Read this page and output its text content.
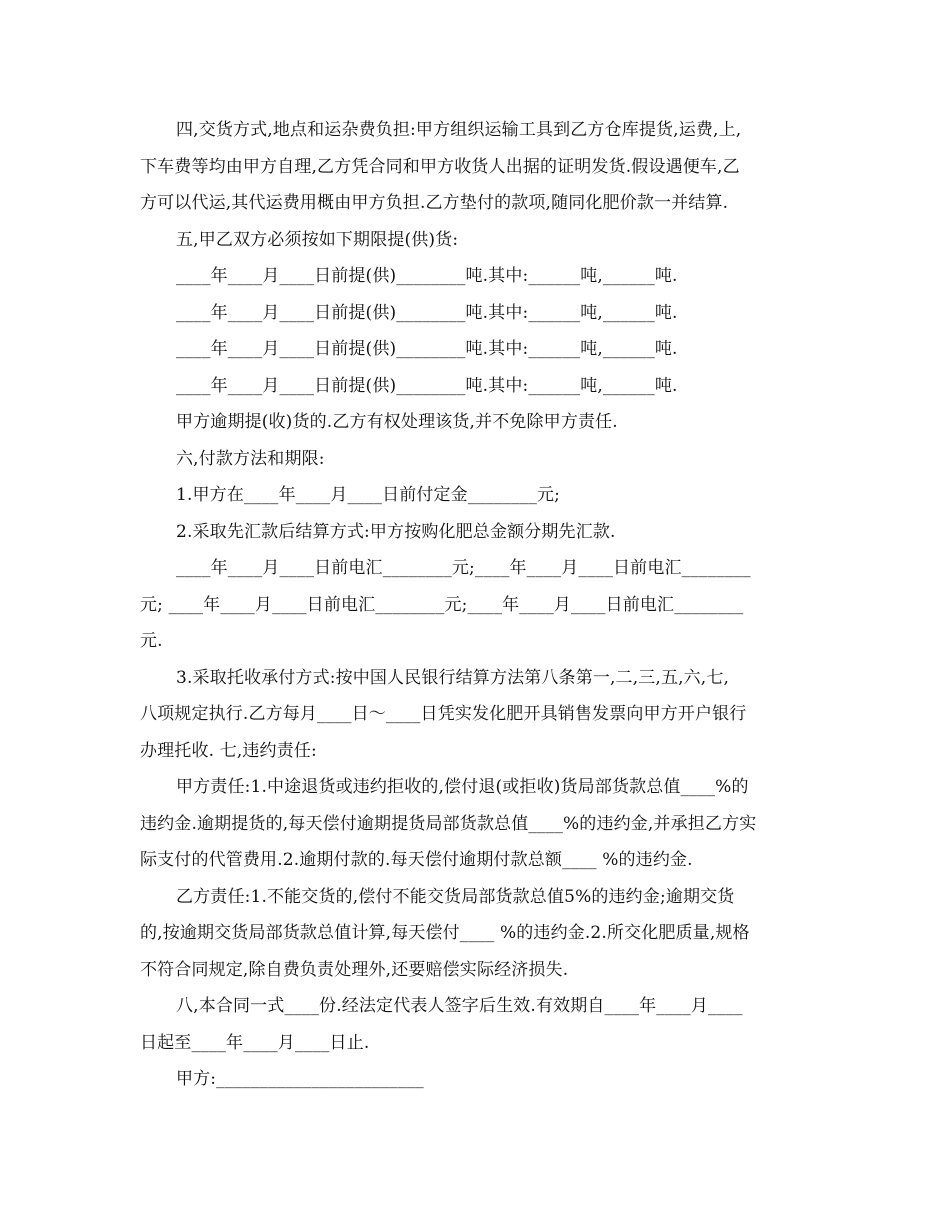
四,交货方式,地点和运杂费负担:甲方组织运输工具到乙方仓库提货,运费,上,
下车费等均由甲方自理,乙方凭合同和甲方收货人出据的证明发货.假设遇便车,乙
方可以代运,其代运费用概由甲方负担.乙方垫付的款项,随同化肥价款一并结算.
五,甲乙双方必须按如下期限提(供)货:
____年____月____日前提(供)________吨.其中:______吨,______吨.
____年____月____日前提(供)________吨.其中:______吨,______吨.
____年____月____日前提(供)________吨.其中:______吨,______吨.
____年____月____日前提(供)________吨.其中:______吨,______吨.
甲方逾期提(收)货的.乙方有权处理该货,并不免除甲方责任.
六,付款方法和期限:
1.甲方在____年____月____日前付定金________元;
2.采取先汇款后结算方式:甲方按购化肥总金额分期先汇款.
____年____月____日前电汇________元;____年____月____日前电汇________
元; ____年____月____日前电汇________元;____年____月____日前电汇________
元.
3.采取托收承付方式:按中国人民银行结算方法第八条第一,二,三,五,六,七,
八项规定执行.乙方每月____日～____日凭实发化肥开具销售发票向甲方开户银行
办理托收. 七,违约责任:
甲方责任:1.中途退货或违约拒收的,偿付退(或拒收)货局部货款总值____%的
违约金.逾期提货的,每天偿付逾期提货局部货款总值____%的违约金,并承担乙方实
际支付的代管费用.2.逾期付款的.每天偿付逾期付款总额____ %的违约金.
乙方责任:1.不能交货的,偿付不能交货局部货款总值5%的违约金;逾期交货
的,按逾期交货局部货款总值计算,每天偿付____ %的违约金.2.所交化肥质量,规格
不符合同规定,除自费负责处理外,还要赔偿实际经济损失.
八,本合同一式____份.经法定代表人签字后生效.有效期自____年____月____
日起至____年____月____日止.
甲方:________________________
